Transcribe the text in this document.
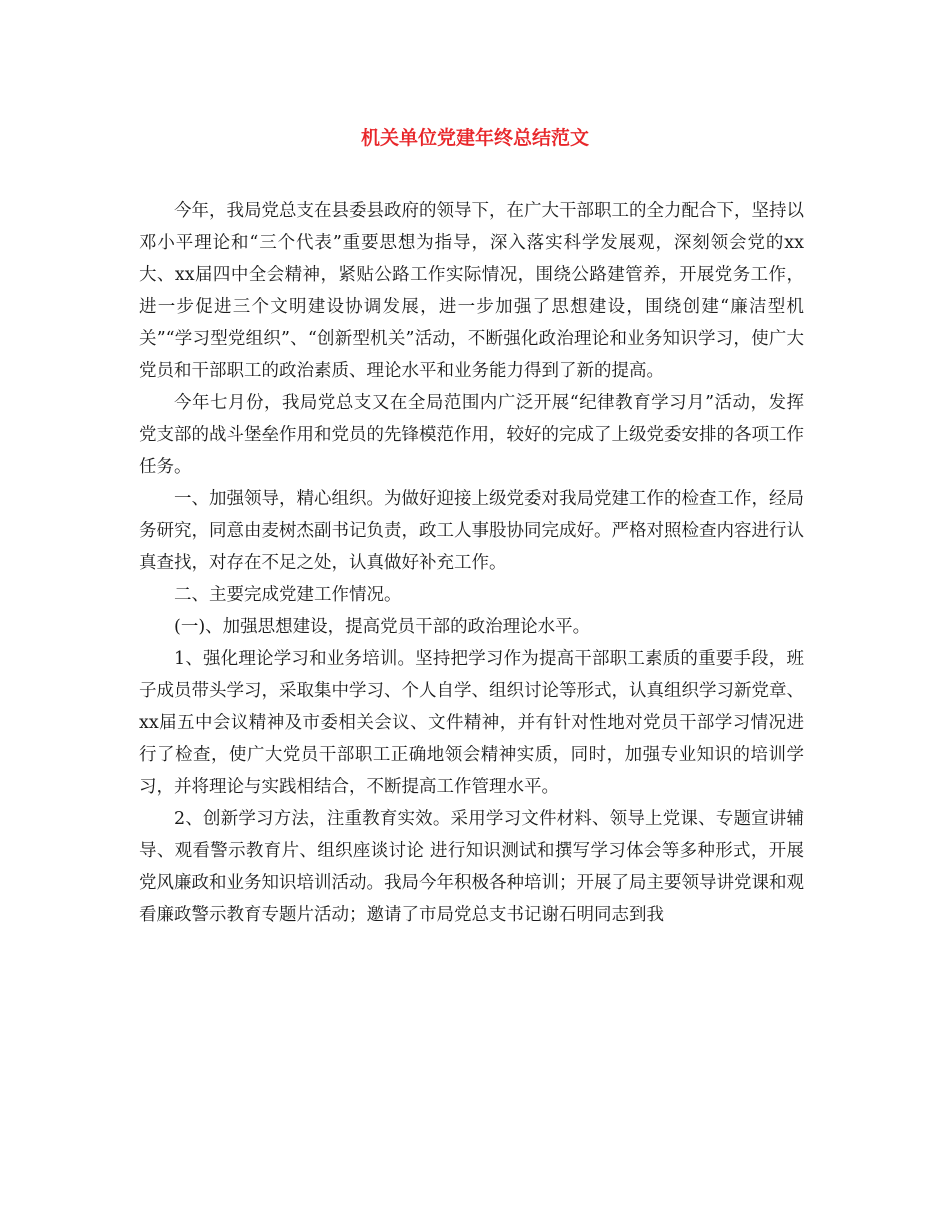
机关单位党建年终总结范文

今年，我局党总支在县委县政府的领导下，在广大干部职工的全力配合下，坚持以邓小平理论和“三个代表”重要思想为指导，深入落实科学发展观，深刻领会党的xx大、xx届四中全会精神，紧贴公路工作实际情况，围绕公路建管养，开展党务工作，进一步促进三个文明建设协调发展，进一步加强了思想建设，围绕创建“廉洁型机关”“学习型党组织”、“创新型机关”活动，不断强化政治理论和业务知识学习，使广大党员和干部职工的政治素质、理论水平和业务能力得到了新的提高。

今年七月份，我局党总支又在全局范围内广泛开展“纪律教育学习月”活动，发挥党支部的战斗堡垒作用和党员的先锋模范作用，较好的完成了上级党委安排的各项工作任务。

一、加强领导，精心组织。为做好迎接上级党委对我局党建工作的检查工作，经局务研究，同意由麦树杰副书记负责，政工人事股协同完成好。严格对照检查内容进行认真查找，对存在不足之处，认真做好补充工作。

二、主要完成党建工作情况。

(一)、加强思想建设，提高党员干部的政治理论水平。

1、强化理论学习和业务培训。坚持把学习作为提高干部职工素质的重要手段，班子成员带头学习，采取集中学习、个人自学、组织讨论等形式，认真组织学习新党章、xx届五中会议精神及市委相关会议、文件精神，并有针对性地对党员干部学习情况进行了检查，使广大党员干部职工正确地领会精神实质，同时，加强专业知识的培训学习，并将理论与实践相结合，不断提高工作管理水平。

2、创新学习方法，注重教育实效。采用学习文件材料、领导上党课、专题宣讲辅导、观看警示教育片、组织座谈讨论 进行知识测试和撰写学习体会等多种形式，开展党风廉政和业务知识培训活动。我局今年积极各种培训；开展了局主要领导讲党课和观看廉政警示教育专题片活动；邀请了市局党总支书记谢石明同志到我
